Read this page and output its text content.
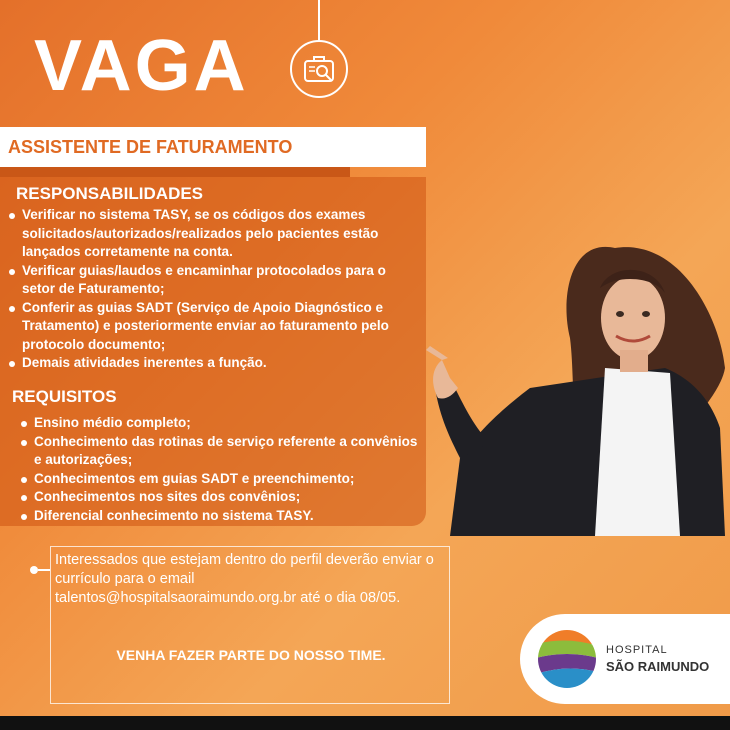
VAGA
ASSISTENTE DE FATURAMENTO
RESPONSABILIDADES
Verificar no sistema TASY, se os códigos dos exames solicitados/autorizados/realizados pelo pacientes estão lançados corretamente na conta.
Verificar guias/laudos e encaminhar protocolados para o setor de Faturamento;
Conferir as guias SADT (Serviço de Apoio Diagnóstico e Tratamento) e posteriormente enviar ao faturamento pelo protocolo documento;
Demais atividades inerentes a função.
REQUISITOS
Ensino médio completo;
Conhecimento das rotinas de serviço referente a convênios e autorizações;
Conhecimentos em guias SADT e preenchimento;
Conhecimentos nos sites dos convênios;
Diferencial conhecimento no sistema TASY.
Interessados que estejam dentro do perfil deverão enviar o currículo para o email talentos@hospitalsaoraimundo.org.br até o dia 08/05.
VENHA FAZER PARTE DO NOSSO TIME.	HOSPITAL
SÃO RAIMUNDO
